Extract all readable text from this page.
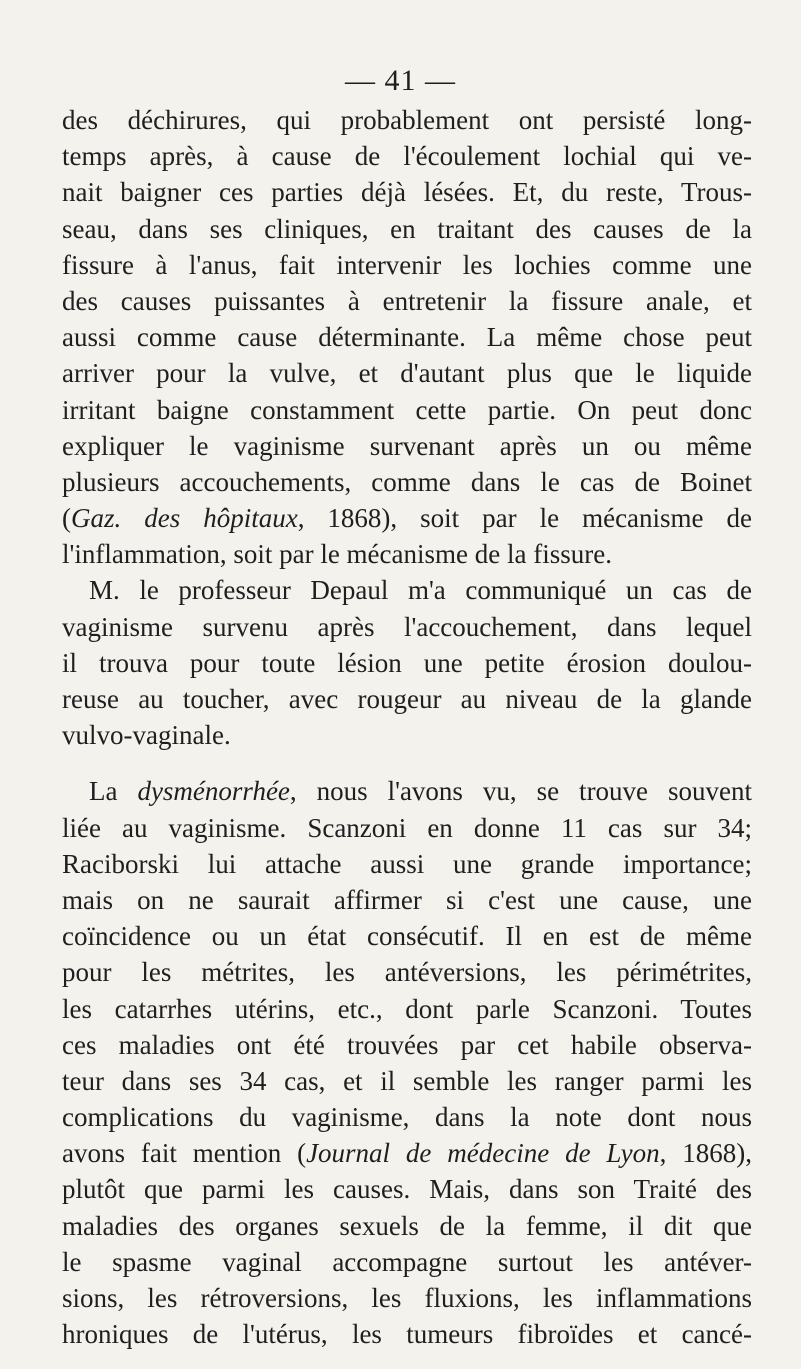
— 41 —
des déchirures, qui probablement ont persisté long-
temps après, à cause de l'écoulement lochial qui ve-
nait baigner ces parties déjà lésées. Et, du reste, Trous-
seau, dans ses cliniques, en traitant des causes de la
fissure à l'anus, fait intervenir les lochies comme une
des causes puissantes à entretenir la fissure anale, et
aussi comme cause déterminante. La même chose peut
arriver pour la vulve, et d'autant plus que le liquide
irritant baigne constamment cette partie. On peut donc
expliquer le vaginisme survenant après un ou même
plusieurs accouchements, comme dans le cas de Boinet
(Gaz. des hôpitaux, 1868), soit par le mécanisme de
l'inflammation, soit par le mécanisme de la fissure.
M. le professeur Depaul m'a communiqué un cas de
vaginisme survenu après l'accouchement, dans lequel
il trouva pour toute lésion une petite érosion doulou-
reuse au toucher, avec rougeur au niveau de la glande
vulvo-vaginale.
La dysménorrhée, nous l'avons vu, se trouve souvent
liée au vaginisme. Scanzoni en donne 11 cas sur 34;
Raciborski lui attache aussi une grande importance;
mais on ne saurait affirmer si c'est une cause, une
coïncidence ou un état consécutif. Il en est de même
pour les métrites, les antéversions, les périmétrites,
les catarrhes utérins, etc., dont parle Scanzoni. Toutes
ces maladies ont été trouvées par cet habile observa-
teur dans ses 34 cas, et il semble les ranger parmi les
complications du vaginisme, dans la note dont nous
avons fait mention (Journal de médecine de Lyon, 1868),
plutôt que parmi les causes. Mais, dans son Traité des
maladies des organes sexuels de la femme, il dit que
le spasme vaginal accompagne surtout les antéver-
sions, les rétroversions, les fluxions, les inflammations
hroniques de l'utérus, les tumeurs fibroïdes et cancé-
